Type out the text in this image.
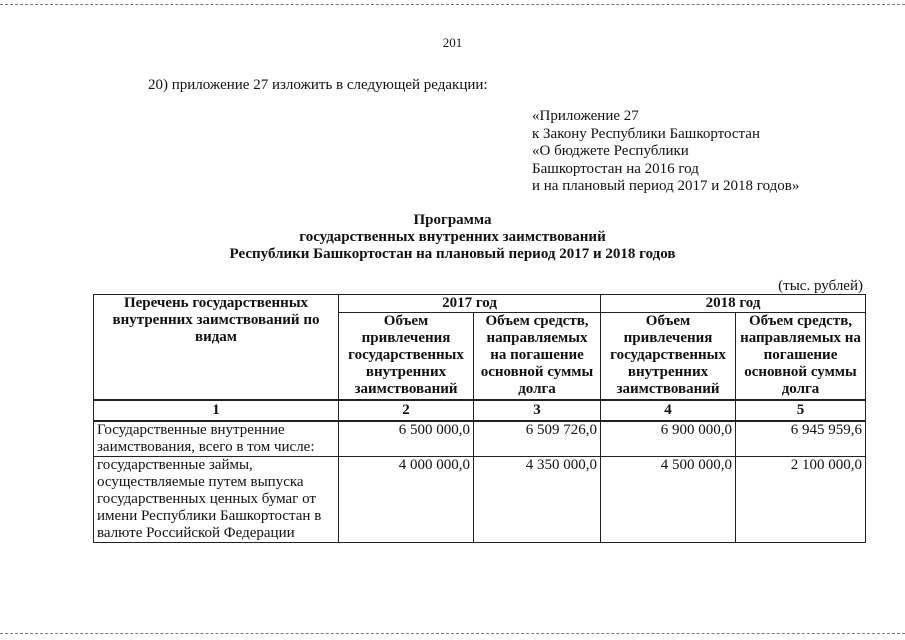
201
20) приложение 27 изложить в следующей редакции:
«Приложение 27
к Закону Республики Башкортостан
«О бюджете Республики
Башкортостан на 2016 год
и на плановый период 2017 и 2018 годов»
Программа
государственных внутренних заимствований
Республики Башкортостан на плановый период 2017 и 2018 годов
(тыс. рублей)
Перечень государственных внутренних заимствований по видам	2017 год		2018 год	
	Объем привлечения государственных внутренних заимствований	Объем средств, направляемых на погашение основной суммы долга	Объем привлечения государственных внутренних заимствований	Объем средств, направляемых на погашение основной суммы долга
1	2	3	4	5
Государственные внутренние заимствования, всего в том числе:	6 500 000,0	6 509 726,0	6 900 000,0	6 945 959,6
государственные займы, осуществляемые путем выпуска государственных ценных бумаг от имени Республики Башкортостан в валюте Российской Федерации	4 000 000,0	4 350 000,0	4 500 000,0	2 100 000,0
